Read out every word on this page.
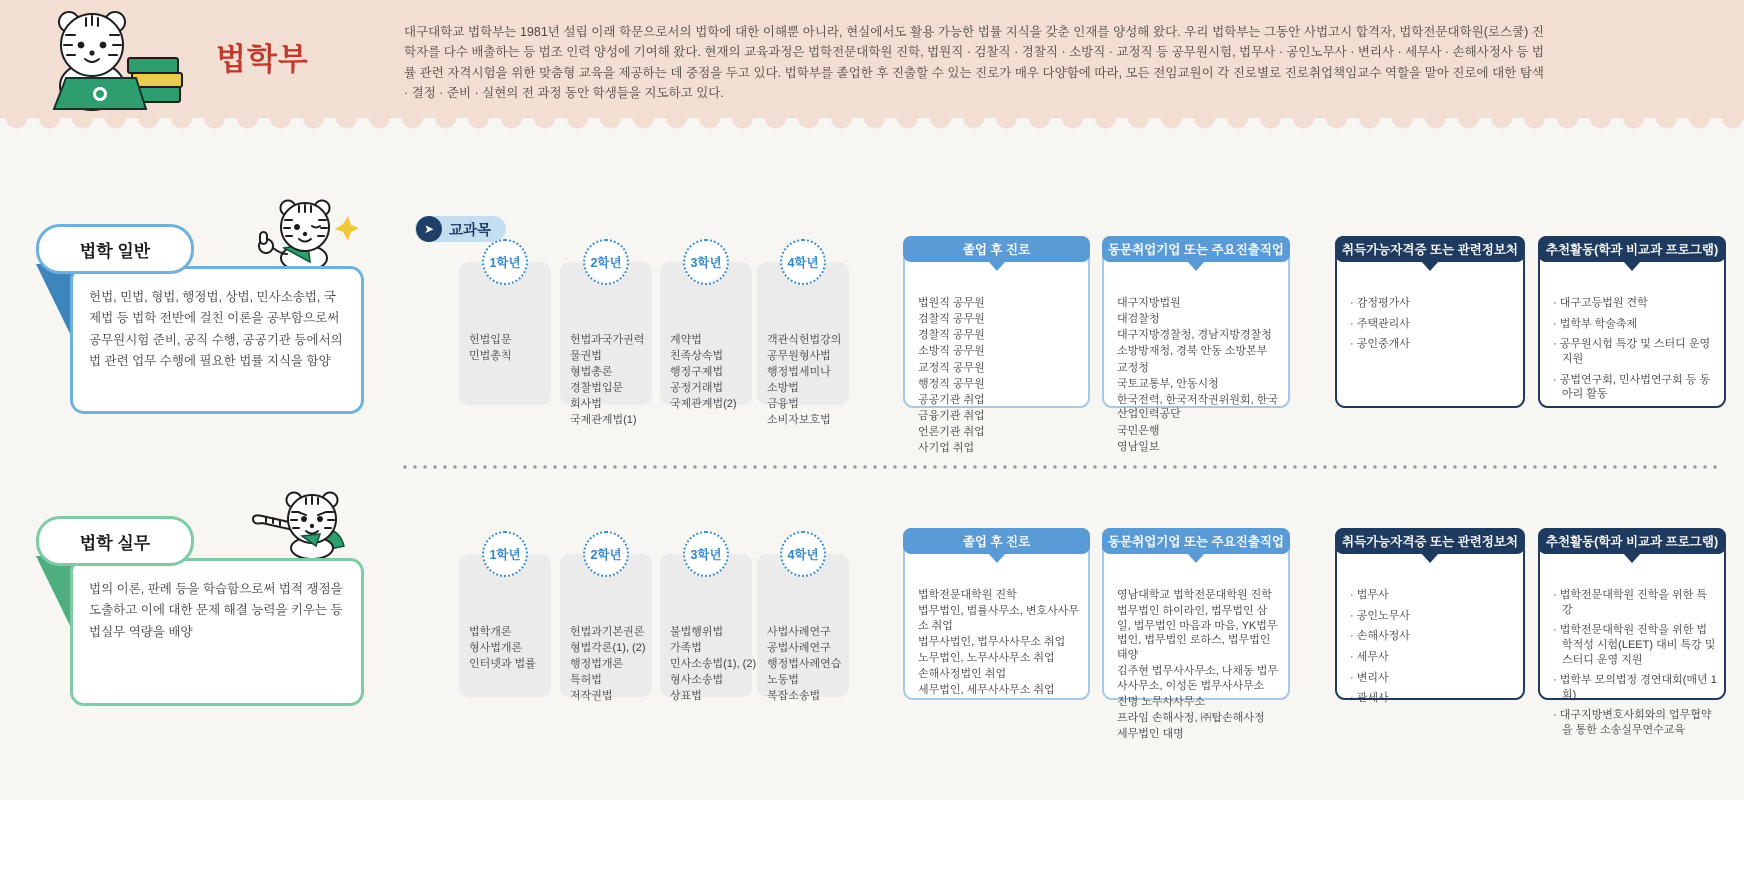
법학부
대구대학교 법학부는 1981년 설립 이래 학문으로서의 법학에 대한 이해뿐 아니라, 현실에서도 활용 가능한 법률 지식을 갖춘 인재를 양성해 왔다. 우리 법학부는 그동안 사법고시 합격자, 법학전문대학원(로스쿨) 진학자를 다수 배출하는 등 법조 인력 양성에 기여해 왔다. 현재의 교육과정은 법학전문대학원 진학, 법원직 · 검찰직 · 경찰직 · 소방직 · 교정직 등 공무원시험, 법무사 · 공인노무사 · 변리사 · 세무사 · 손해사정사 등 법률 관련 자격시험을 위한 맞춤형 교육을 제공하는 데 중점을 두고 있다. 법학부를 졸업한 후 진출할 수 있는 진로가 매우 다양함에 따라, 모든 전임교원이 각 진로별로 진로취업책임교수 역할을 맡아 진로에 대한 탐색 · 결정 · 준비 · 실현의 전 과정 동안 학생들을 지도하고 있다.
법학 일반
헌법, 민법, 형법, 행정법, 상법, 민사소송법, 국제법 등 법학 전반에 걸친 이론을 공부함으로써 공무원시험 준비, 공직 수행, 공공기관 등에서의 법 관련 업무 수행에 필요한 법률 지식을 함양
➤	교과목
헌법입문
민법총칙
1학년
헌법과국가권력
물권법
형법총론
경찰법입문
회사법
국제관계법(1)
2학년
계약법
친족상속법
행정구제법
공정거래법
국제관계법(2)
3학년
객관식헌법강의
공무원형사법
행정법세미나
소방법
금융법
소비자보호법
4학년
법원직 공무원
검찰직 공무원
경찰직 공무원
소방직 공무원
교정직 공무원
행정직 공무원
공공기관 취업
금융기관 취업
언론기관 취업
사기업 취업
졸업 후 진로
대구지방법원
대검찰청
대구지방경찰청, 경남지방경찰청
소방방재청, 경북 안동 소방본부
교정청
국토교통부, 안동시청
한국전력, 한국저작권위원회, 한국산업인력공단
국민은행
영남일보
동문취업기업 또는 주요진출직업
· 감정평가사
· 주택관리사
· 공인중개사
취득가능자격증 또는 관련정보처
· 대구고등법원 견학
· 법학부 학술축제
· 공무원시험 특강 및 스터디 운영 지원
· 공법연구회, 민사법연구회 등 동아리 활동
추천활동(학과 비교과 프로그램)
법학 실무
법의 이론, 판례 등을 학습함으로써 법적 쟁점을 도출하고 이에 대한 문제 해결 능력을 키우는 등 법실무 역량을 배양	법학개론
형사법개론
인터넷과 법률
1학년
헌법과기본권론
형법각론(1), (2)
행정법개론
특허법
저작권법
2학년
불법행위법
가족법
민사소송법(1), (2)
형사소송법
상표법
3학년
사법사례연구
공법사례연구
행정법사례연습
노동법
복잡소송법
4학년
법학전문대학원 진학
법무법인, 법률사무소, 변호사사무소 취업
법무사법인, 법무사사무소 취업
노무법인, 노무사사무소 취업
손해사정법인 취업
세무법인, 세무사사무소 취업
졸업 후 진로
영남대학교 법학전문대학원 진학
법무법인 하이라인, 법무법인 삼일, 법무법인 마음과 마음, YK법무법인, 법무법인 로하스, 법무법인 태양
김주현 법무사사무소, 나채동 법무사사무소, 이성돈 법무사사무소
진명 노무사사무소
프라임 손해사정, ㈜탑손해사정
세무법인 대명
동문취업기업 또는 주요진출직업
· 법무사
· 공인노무사
· 손해사정사
· 세무사
· 변리사
· 관세사
취득가능자격증 또는 관련정보처
· 법학전문대학원 진학을 위한 특강
· 법학전문대학원 진학을 위한 법학적성 시험(LEET) 대비 특강 및 스터디 운영 지원
· 법학부 모의법정 경연대회(매년 1회)
· 대구지방변호사회와의 업무협약을 통한 소송실무연수교육
추천활동(학과 비교과 프로그램)
